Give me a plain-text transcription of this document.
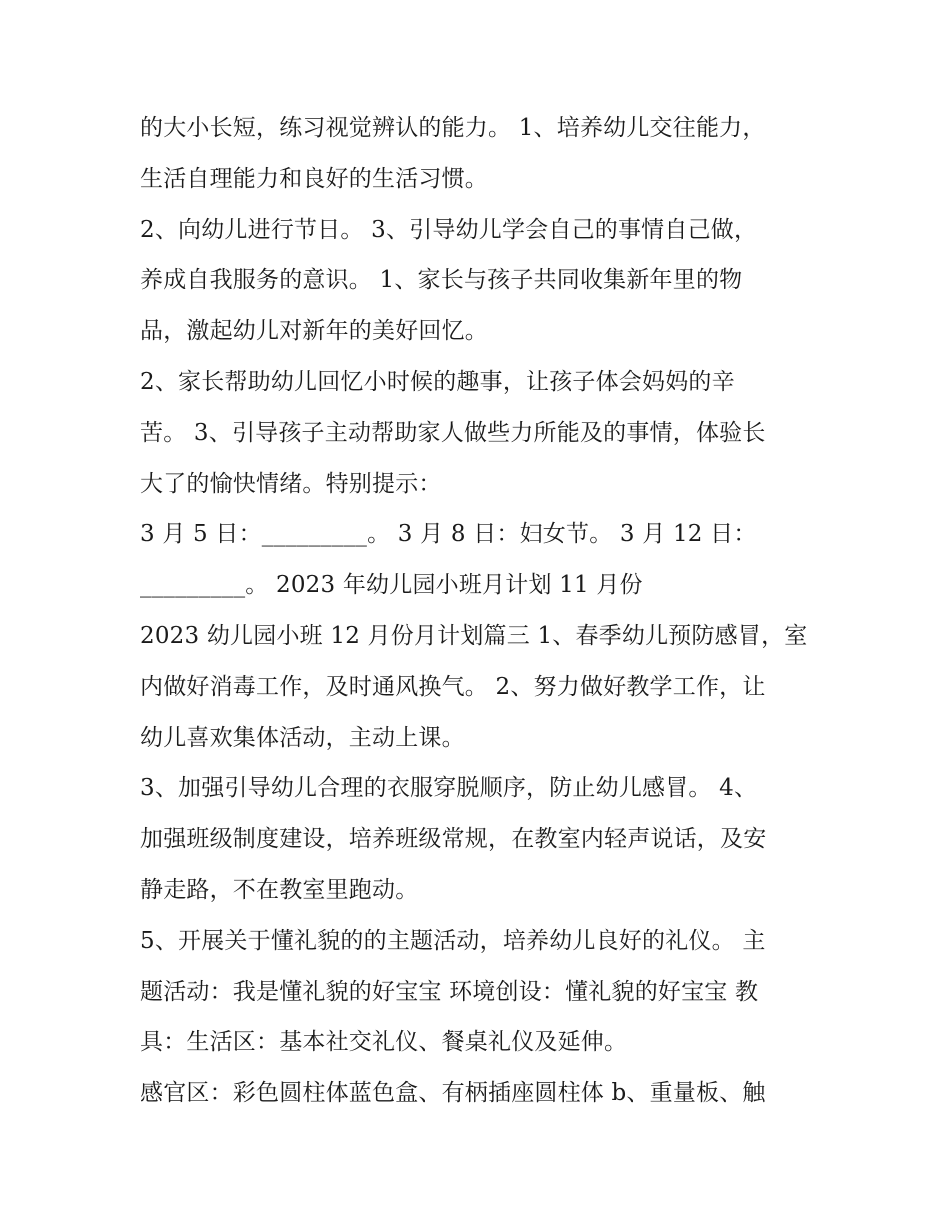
的大小长短，练习视觉辨认的能力。 1、培养幼儿交往能力，
生活自理能力和良好的生活习惯。
2、向幼儿进行节日。 3、引导幼儿学会自己的事情自己做，
养成自我服务的意识。 1、家长与孩子共同收集新年里的物
品，激起幼儿对新年的美好回忆。
2、家长帮助幼儿回忆小时候的趣事，让孩子体会妈妈的辛
苦。 3、引导孩子主动帮助家人做些力所能及的事情，体验长
大了的愉快情绪。特别提示：
3 月 5 日：_________。 3 月 8 日：妇女节。 3 月 12 日：
_________。 2023 年幼儿园小班月计划 11 月份
2023 幼儿园小班 12 月份月计划篇三 1、春季幼儿预防感冒，室
内做好消毒工作，及时通风换气。 2、努力做好教学工作，让
幼儿喜欢集体活动，主动上课。
3、加强引导幼儿合理的衣服穿脱顺序，防止幼儿感冒。 4、
加强班级制度建设，培养班级常规，在教室内轻声说话，及安
静走路，不在教室里跑动。
5、开展关于懂礼貌的的主题活动，培养幼儿良好的礼仪。 主
题活动：我是懂礼貌的好宝宝 环境创设：懂礼貌的好宝宝 教
具：生活区：基本社交礼仪、餐桌礼仪及延伸。
感官区：彩色圆柱体蓝色盒、有柄插座圆柱体 b、重量板、触
